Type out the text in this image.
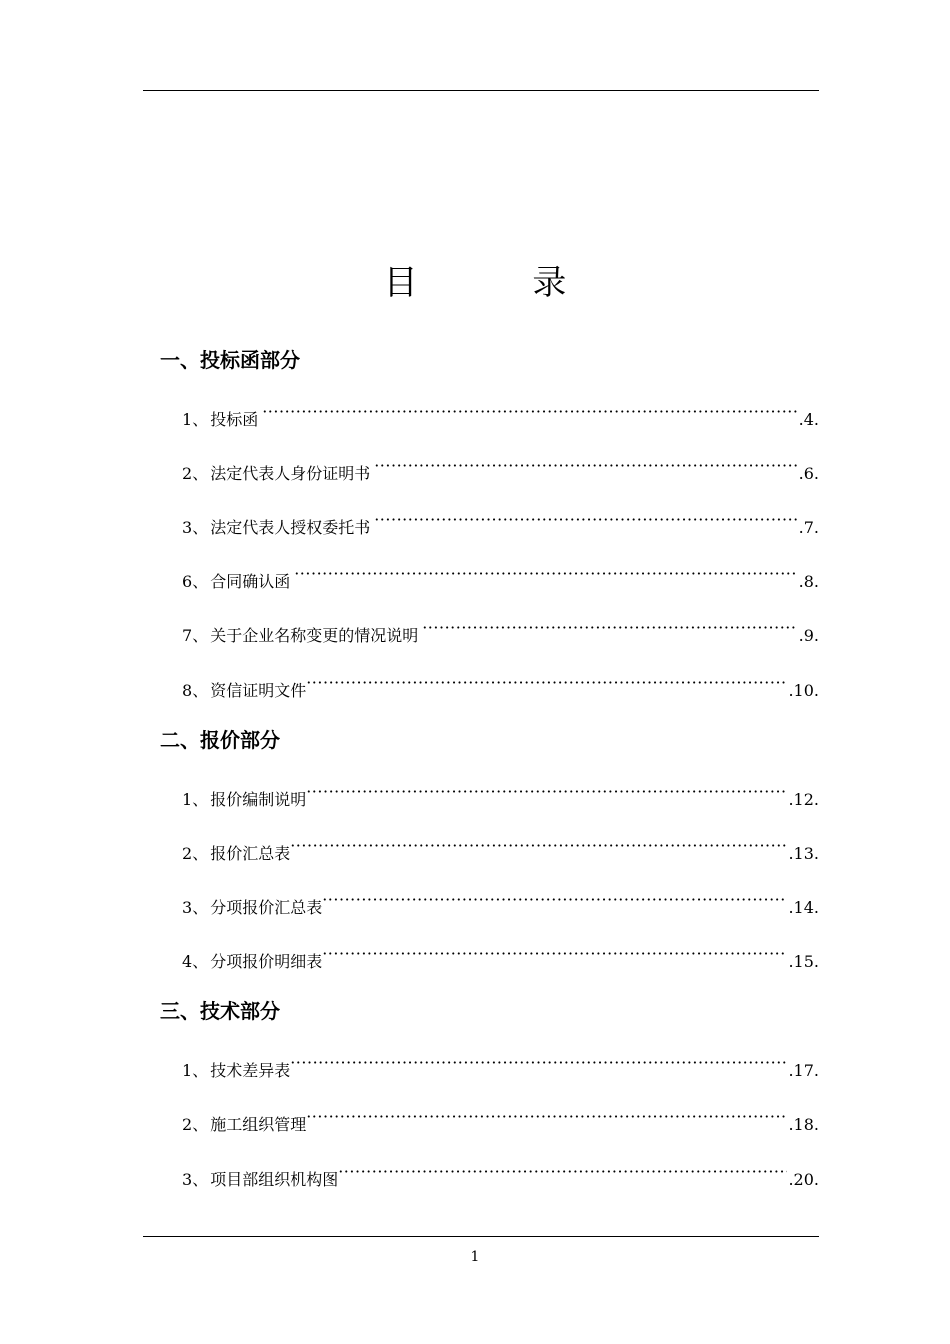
目 录
一、投标函部分
1 、 投标函 ·····	.4.
2 、 法定代表人身份证明书 ·····	.6.
3 、 法定代表人授权委托书 ·····	.7.
6 、 合同确认函 ·····	.8.
7 、 关于企业名称变更的情况说明 ·····	.9.
8 、 资信证明文件 ·····	.10.
二、报价部分
1 、 报价编制说明 ·····	.12.
2 、 报价汇总表 ·····	.13.
3 、 分项报价汇总表 ·····	.14.
4 、 分项报价明细表 ·····	.15.
三、技术部分
1 、 技术差异表 ·····	.17.
2 、 施工组织管理 ·····	.18.
3 、 项目部组织机构图 ·····	.20.
1
